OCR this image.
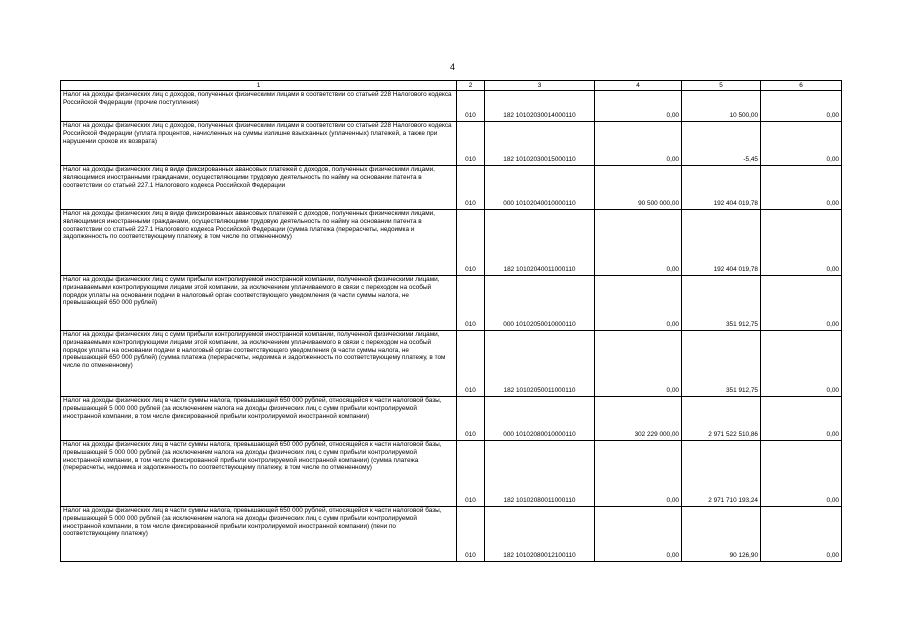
4
1	2	3	4	5	6
Налог на доходы физических лиц с доходов, полученных физическими лицами в соответствии со статьей 228 Налогового кодекса Российской Федерации (прочие поступления)	010	182 10102030014000110	0,00	10 500,00	0,00
Налог на доходы физических лиц с доходов, полученных физическими лицами в соответствии со статьей 228 Налогового кодекса Российской Федерации (уплата процентов, начисленных на суммы излишне взысканных (уплаченных) платежей, а также при нарушении сроков их возврата)	010	182 10102030015000110	0,00	-5,45	0,00
Налог на доходы физических лиц в виде фиксированных авансовых платежей с доходов, полученных физическими лицами, являющимися иностранными гражданами, осуществляющими трудовую деятельность по найму на основании патента в соответствии со статьей 227.1 Налогового кодекса Российской Федерации	010	000 10102040010000110	90 500 000,00	192 404 019,78	0,00
Налог на доходы физических лиц в виде фиксированных авансовых платежей с доходов, полученных физическими лицами, являющимися иностранными гражданами, осуществляющими трудовую деятельность по найму на основании патента в соответствии со статьей 227.1 Налогового кодекса Российской Федерации (сумма платежа (перерасчеты, недоимка и задолженность по соответствующему платежу, в том числе по отмененному)	010	182 10102040011000110	0,00	192 404 019,78	0,00
Налог на доходы физических лиц с сумм прибыли контролируемой иностранной компании, полученной физическими лицами, признаваемыми контролирующими лицами этой компании, за исключением уплачиваемого в связи с переходом на особый порядок уплаты на основании подачи в налоговый орган соответствующего уведомления (в части суммы налога, не превышающей 650 000 рублей)	010	000 10102050010000110	0,00	351 912,75	0,00
Налог на доходы физических лиц с сумм прибыли контролируемой иностранной компании, полученной физическими лицами, признаваемыми контролирующими лицами этой компании, за исключением уплачиваемого в связи с переходом на особый порядок уплаты на основании подачи в налоговый орган соответствующего уведомления (в части суммы налога, не превышающей 650 000 рублей) (сумма платежа (перерасчеты, недоимка и задолженность по соответствующему платежу, в том числе по отмененному)	010	182 10102050011000110	0,00	351 912,75	0,00
Налог на доходы физических лиц в части суммы налога, превышающей 650 000 рублей, относящейся к части налоговой базы, превышающей 5 000 000 рублей (за исключением налога на доходы физических лиц с сумм прибыли контролируемой иностранной компании, в том числе фиксированной прибыли контролируемой иностранной компании)	010	000 10102080010000110	302 229 000,00	2 971 522 510,86	0,00
Налог на доходы физических лиц в части суммы налога, превышающей 650 000 рублей, относящейся к части налоговой базы, превышающей 5 000 000 рублей (за исключением налога на доходы физических лиц с сумм прибыли контролируемой иностранной компании, в том числе фиксированной прибыли контролируемой иностранной компании) (сумма платежа (перерасчеты, недоимка и задолженность по соответствующему платежу, в том числе по отмененному)	010	182 10102080011000110	0,00	2 971 710 193,24	0,00
Налог на доходы физических лиц в части суммы налога, превышающей 650 000 рублей, относящейся к части налоговой базы, превышающей 5 000 000 рублей (за исключением налога на доходы физических лиц с сумм прибыли контролируемой иностранной компании, в том числе фиксированной прибыли контролируемой иностранной компании) (пени по соответствующему платежу)	010	182 10102080012100110	0,00	90 126,90	0,00
